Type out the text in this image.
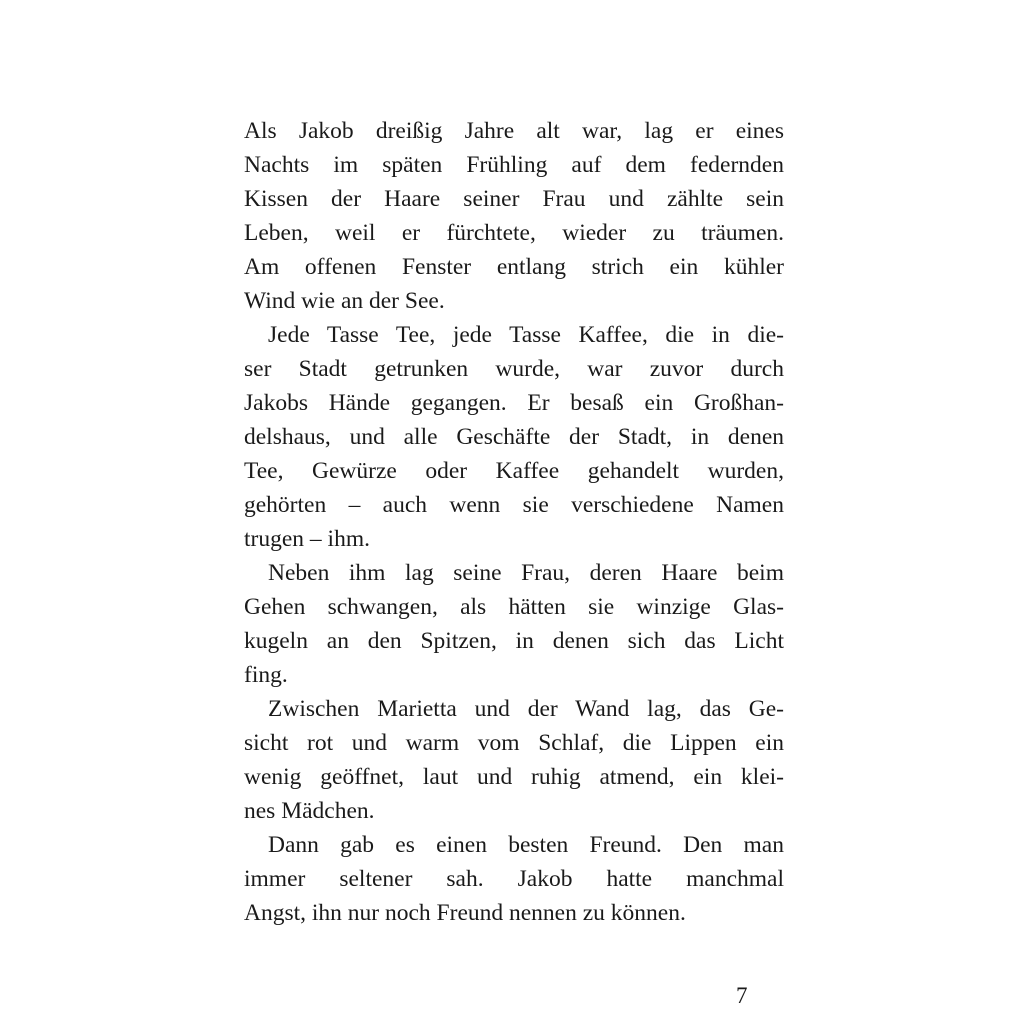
Als Jakob dreißig Jahre alt war, lag er eines
Nachts im späten Frühling auf dem federnden
Kissen der Haare seiner Frau und zählte sein
Leben, weil er fürchtete, wieder zu träumen.
Am offenen Fenster entlang strich ein kühler
Wind wie an der See.
Jede Tasse Tee, jede Tasse Kaffee, die in die-
ser Stadt getrunken wurde, war zuvor durch
Jakobs Hände gegangen. Er besaß ein Großhan-
delshaus, und alle Geschäfte der Stadt, in denen
Tee, Gewürze oder Kaffee gehandelt wurden,
gehörten – auch wenn sie verschiedene Namen
trugen – ihm.
Neben ihm lag seine Frau, deren Haare beim
Gehen schwangen, als hätten sie winzige Glas-
kugeln an den Spitzen, in denen sich das Licht
fing.
Zwischen Marietta und der Wand lag, das Ge-
sicht rot und warm vom Schlaf, die Lippen ein
wenig geöffnet, laut und ruhig atmend, ein klei-
nes Mädchen.
Dann gab es einen besten Freund. Den man
immer seltener sah. Jakob hatte manchmal
Angst, ihn nur noch Freund nennen zu können.
7
